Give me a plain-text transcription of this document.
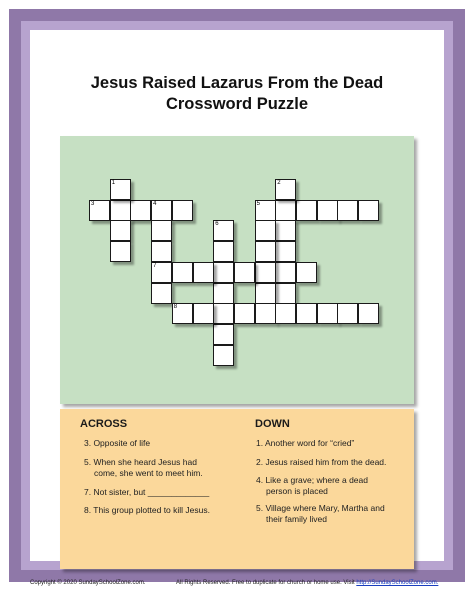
Jesus Raised Lazarus From the Dead
Crossword Puzzle
3	4
1
7
5
2
6
8
ACROSS
3. Opposite of life
5. When she heard Jesus had
come, she went to meet him.
7. Not sister, but _____________
8. This group plotted to kill Jesus.
DOWN
1. Another word for “cried”
2. Jesus raised him from the dead.
4. Like a grave; where a dead
person is placed
5. Village where Mary, Martha and
their family lived
Copyright © 2020 SundaySchoolZone.com.	All Rights Reserved. Free to duplicate for church or home use. Visit http://SundaySchoolZone.com.
